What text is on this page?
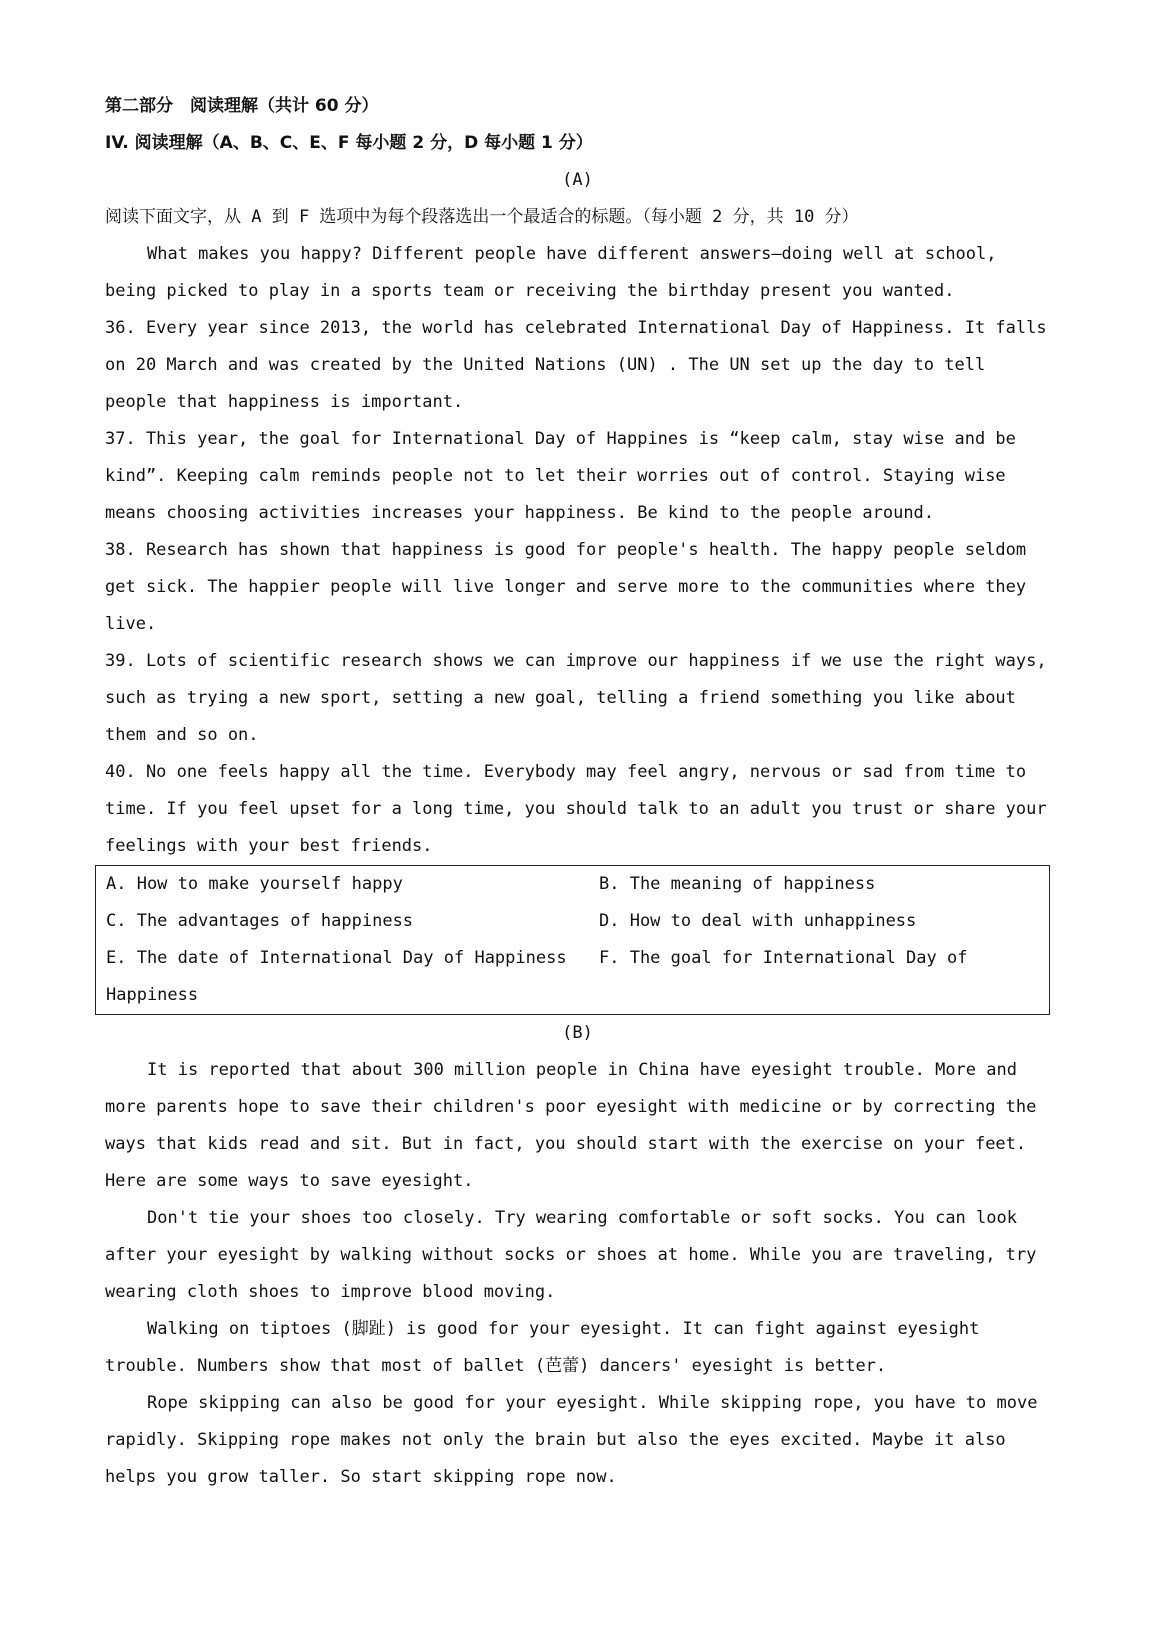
第二部分　阅读理解（共计 60 分）
IV. 阅读理解（A、B、C、E、F 每小题 2 分，D 每小题 1 分）
(A)
阅读下面文字，从 A 到 F 选项中为每个段落选出一个最适合的标题。（每小题 2 分，共 10 分）
What makes you happy? Different people have different answers—doing well at school,
being picked to play in a sports team or receiving the birthday present you wanted.
36. Every year since 2013, the world has celebrated International Day of Happiness. It falls
on 20 March and was created by the United Nations (UN) . The UN set up the day to tell
people that happiness is important.
37. This year, the goal for International Day of Happines is “keep calm, stay wise and be
kind”. Keeping calm reminds people not to let their worries out of control. Staying wise
means choosing activities increases your happiness. Be kind to the people around.
38. Research has shown that happiness is good for people's health. The happy people seldom
get sick. The happier people will live longer and serve more to the communities where they
live.
39. Lots of scientific research shows we can improve our happiness if we use the right ways,
such as trying a new sport, setting a new goal, telling a friend something you like about
them and so on.
40. No one feels happy all the time. Everybody may feel angry, nervous or sad from time to
time. If you feel upset for a long time, you should talk to an adult you trust or share your
feelings with your best friends.
A. How to make yourself happy	B. The meaning of happiness
C. The advantages of happiness	D. How to deal with unhappiness
E. The date of International Day of Happiness	F. The goal for International Day of
Happiness
(B)
It is reported that about 300 million people in China have eyesight trouble. More and
more parents hope to save their children's poor eyesight with medicine or by correcting the
ways that kids read and sit. But in fact, you should start with the exercise on your feet.
Here are some ways to save eyesight.
Don't tie your shoes too closely. Try wearing comfortable or soft socks. You can look
after your eyesight by walking without socks or shoes at home. While you are traveling, try
wearing cloth shoes to improve blood moving.
Walking on tiptoes (脚趾) is good for your eyesight. It can fight against eyesight
trouble. Numbers show that most of ballet (芭蕾) dancers' eyesight is better.
Rope skipping can also be good for your eyesight. While skipping rope, you have to move
rapidly. Skipping rope makes not only the brain but also the eyes excited. Maybe it also
helps you grow taller. So start skipping rope now.
